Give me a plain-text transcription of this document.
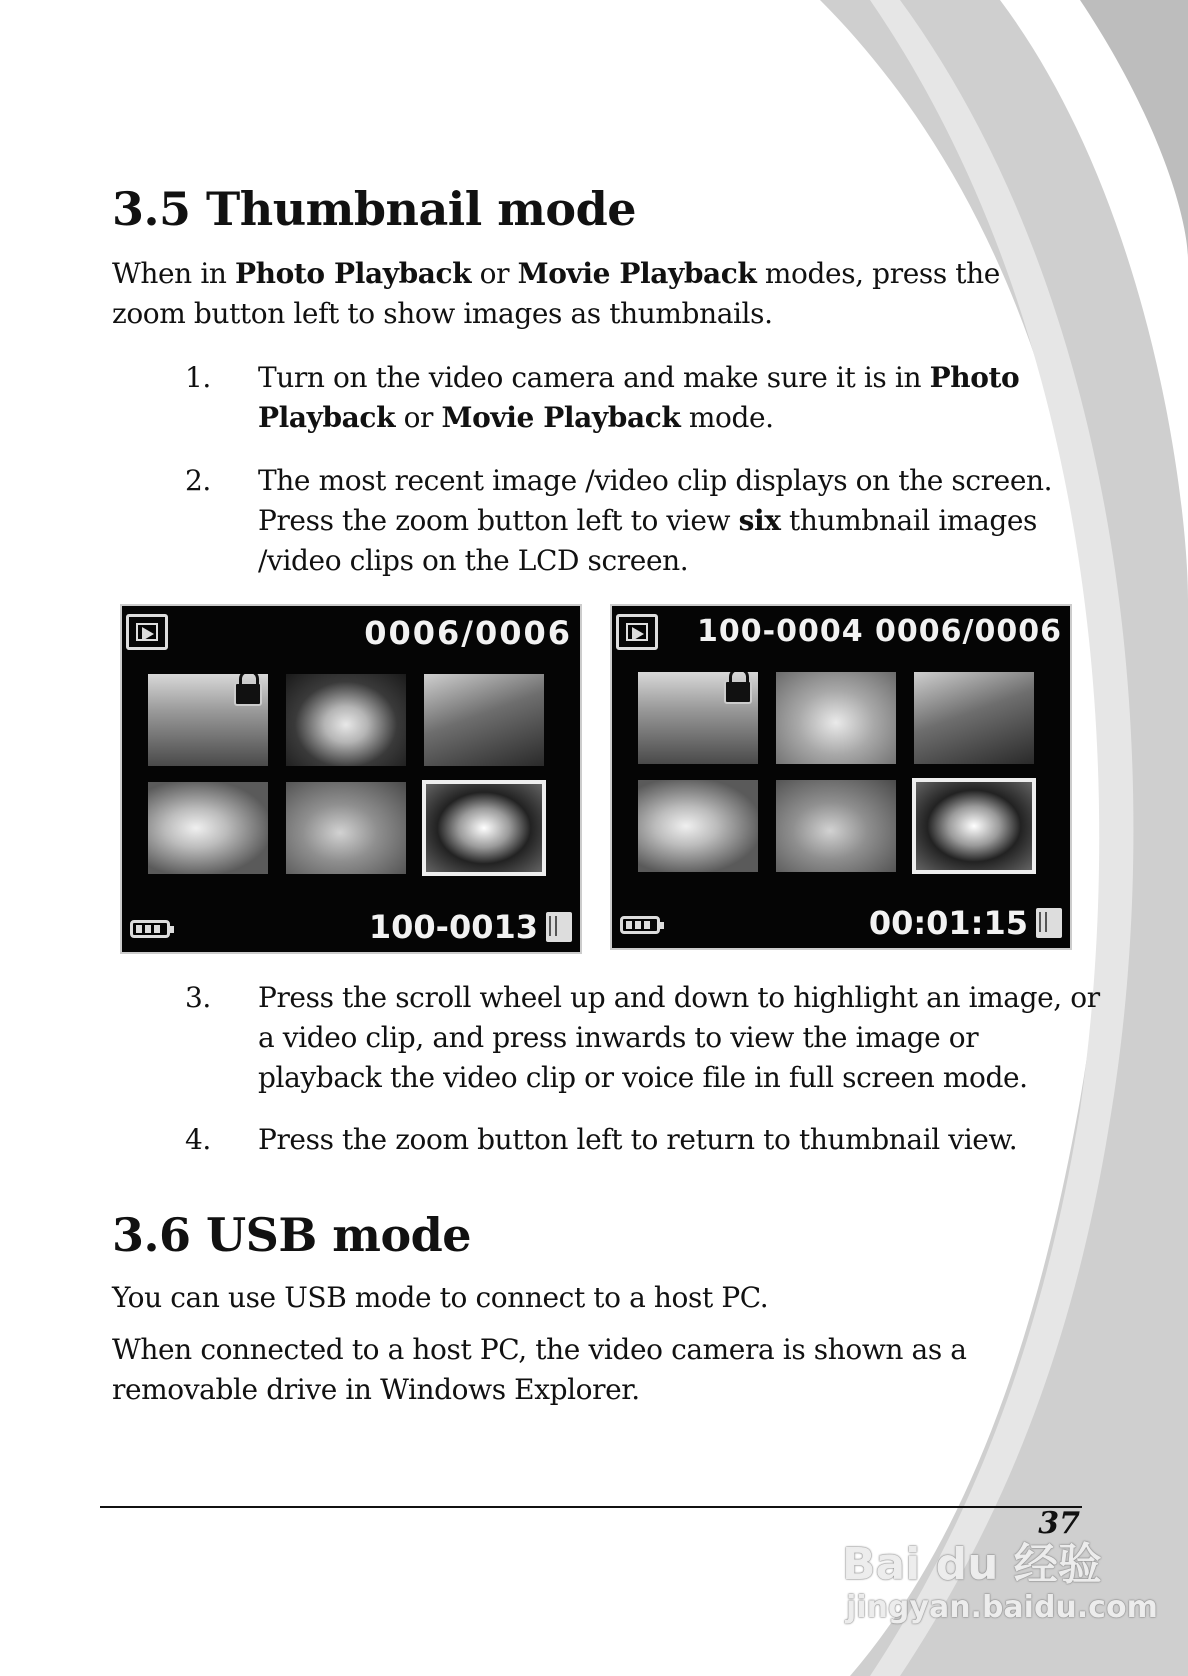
3.5 Thumbnail mode

When in Photo Playback or Movie Playback modes, press the zoom button left to show images as thumbnails.

1.	Turn on the video camera and make sure it is in Photo Playback or Movie Playback mode.
2.	The most recent image /video clip displays on the screen. Press the zoom button left to view six thumbnail images /video clips on the LCD screen.
0006/0006
100-0013
100-0004 0006/0006
00:01:15
3.	Press the scroll wheel up and down to highlight an image, or a video clip, and press inwards to view the image or playback the video clip or voice file in full screen mode.
4.	Press the zoom button left to return to thumbnail view.
3.6 USB mode

You can use USB mode to connect to a host PC.

When connected to a host PC, the video camera is shown as a removable drive in Windows Explorer.

37
Bai du 经验
jingyan.baidu.com
